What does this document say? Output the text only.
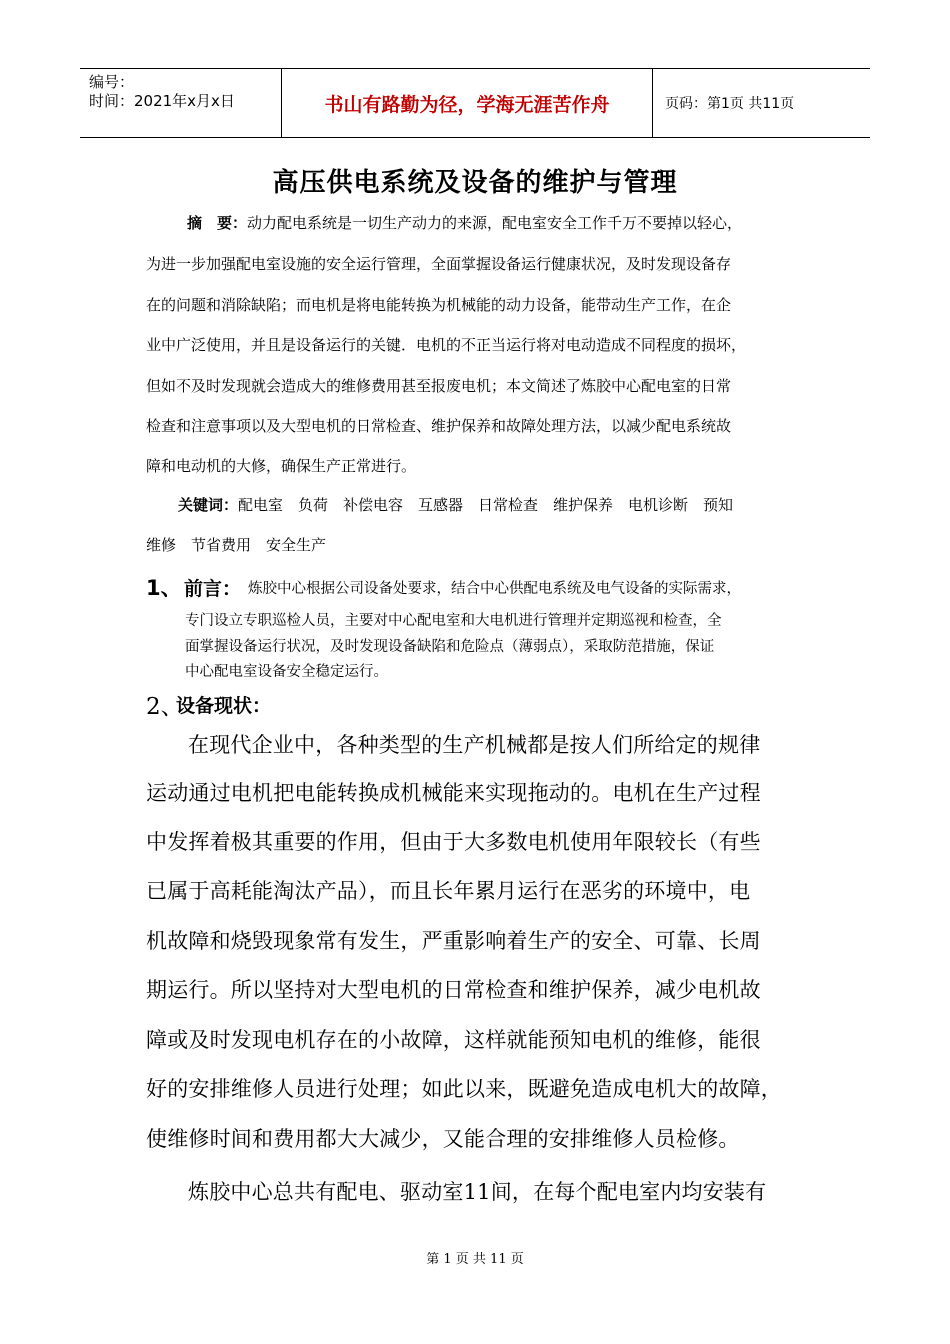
编号：
时间：2021年x月x日	书山有路勤为径，学海无涯苦作舟	页码：第1页 共11页
高压供电系统及设备的维护与管理
摘　要：动力配电系统是一切生产动力的来源，配电室安全工作千万不要掉以轻心，
为进一步加强配电室设施的安全运行管理，全面掌握设备运行健康状况，及时发现设备存
在的问题和消除缺陷；而电机是将电能转换为机械能的动力设备，能带动生产工作，在企
业中广泛使用，并且是设备运行的关键．电机的不正当运行将对电动造成不同程度的损坏，
但如不及时发现就会造成大的维修费用甚至报废电机；本文简述了炼胶中心配电室的日常
检查和注意事项以及大型电机的日常检查、维护保养和故障处理方法，以减少配电系统故
障和电动机的大修，确保生产正常进行。
关键词：配电室　负荷　补偿电容　互感器　日常检查　维护保养　电机诊断　预知
维修　节省费用　安全生产
1、 前言： 炼胶中心根据公司设备处要求，结合中心供配电系统及电气设备的实际需求，
专门设立专职巡检人员，主要对中心配电室和大电机进行管理并定期巡视和检查，全
面掌握设备运行状况，及时发现设备缺陷和危险点（薄弱点），采取防范措施，保证
中心配电室设备安全稳定运行。
2、
设备现状：
在现代企业中，各种类型的生产机械都是按人们所给定的规律
运动通过电机把电能转换成机械能来实现拖动的。电机在生产过程
中发挥着极其重要的作用，但由于大多数电机使用年限较长（有些
已属于高耗能淘汰产品），而且长年累月运行在恶劣的环境中，电
机故障和烧毁现象常有发生，严重影响着生产的安全、可靠、长周
期运行。所以坚持对大型电机的日常检查和维护保养，减少电机故
障或及时发现电机存在的小故障，这样就能预知电机的维修，能很
好的安排维修人员进行处理；如此以来，既避免造成电机大的故障，
使维修时间和费用都大大减少，又能合理的安排维修人员检修。
炼胶中心总共有配电、驱动室11间，在每个配电室内均安装有
第 1 页 共 11 页
